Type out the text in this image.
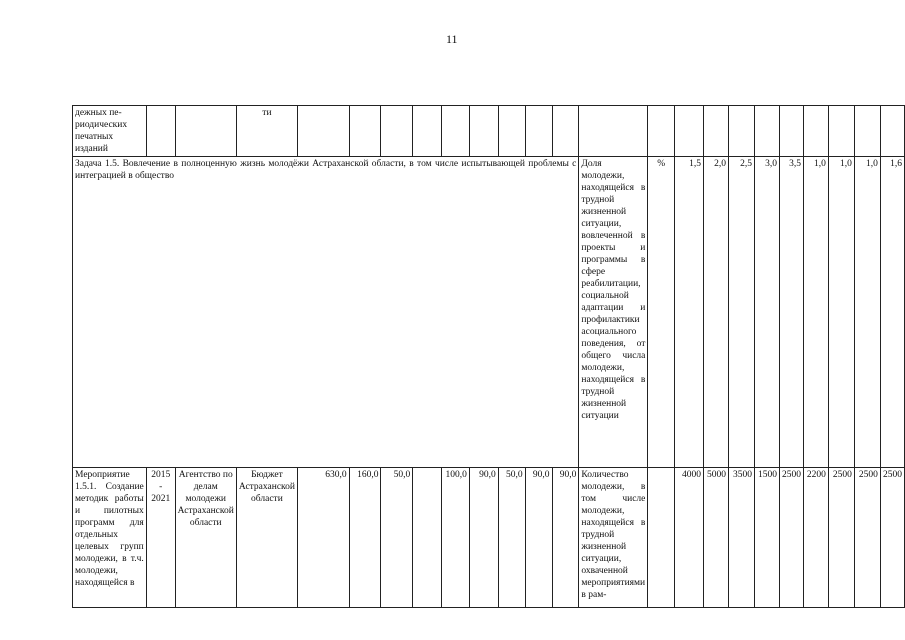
11
дежных пе-
риодических
печатных
изданий			ти																				
Задача 1.5. Вовлечение в полноценную жизнь молодёжи Астраханской области, в том числе испытывающей проблемы с интеграцией в общество													Доля молодежи, находящейся в трудной жизненной ситуации, вовлеченной в проекты и программы в сфере реабилитации, социальной адаптации и профилактики асоциального поведения, от общего числа молодежи, находящейся в трудной жизненной ситуации	%	1,5	2,0	2,5	3,0	3,5	1,0	1,0	1,0	1,6
Мероприятие 1.5.1. Создание методик работы и пилотных программ для отдельных целевых групп молодежи, в т.ч. молодежи, находящейся в	2015 - 2021	Агентство по делам молодежи Астраханской области	Бюджет Астраханской области	630,0	160,0	50,0		100,0	90,0	50,0	90,0	90,0	Количество молодежи, в том числе молодежи, находящейся в трудной жизненной ситуации, охваченной мероприятиями в рам-		4000	5000	3500	1500	2500	2200	2500	2500	2500
